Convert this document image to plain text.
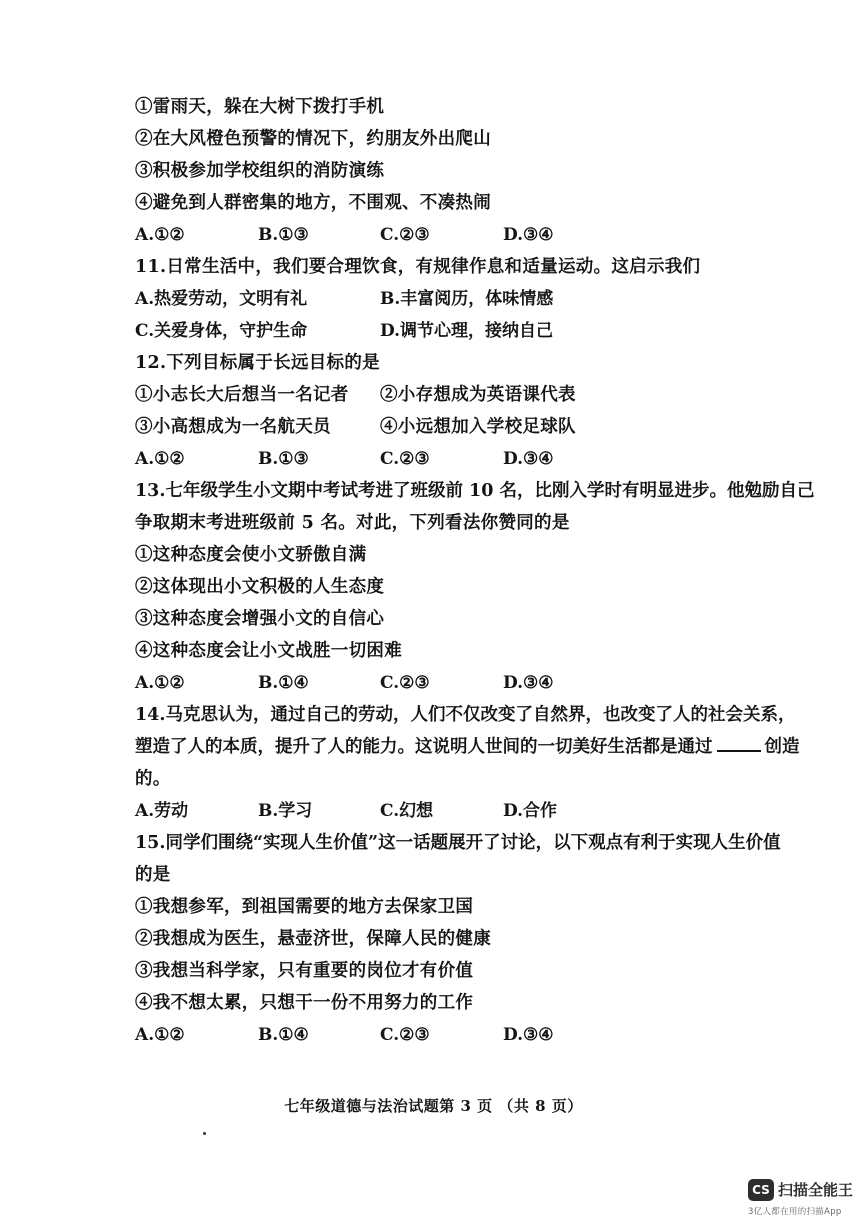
①雷雨天，躲在大树下拨打手机
②在大风橙色预警的情况下，约朋友外出爬山
③积极参加学校组织的消防演练
④避免到人群密集的地方，不围观、不凑热闹
A.①②	B.①③	C.②③	D.③④
11.日常生活中，我们要合理饮食，有规律作息和适量运动。这启示我们
A.热爱劳动，文明有礼	B.丰富阅历，体味情感
C.关爱身体，守护生命	D.调节心理，接纳自己
12.下列目标属于长远目标的是
①小志长大后想当一名记者 ②小存想成为英语课代表
③小高想成为一名航天员	④小远想加入学校足球队
A.①②	B.①③	C.②③	D.③④
13.七年级学生小文期中考试考进了班级前 10 名，比刚入学时有明显进步。他勉励自己
争取期末考进班级前 5 名。对此，下列看法你赞同的是
①这种态度会使小文骄傲自满
②这体现出小文积极的人生态度
③这种态度会增强小文的自信心
④这种态度会让小文战胜一切困难
A.①②	B.①④	C.②③	D.③④
14.马克思认为，通过自己的劳动，人们不仅改变了自然界，也改变了人的社会关系，
塑造了人的本质，提升了人的能力。这说明人世间的一切美好生活都是通过	创造
的。
A.劳动	B.学习	C.幻想	D.合作
15.同学们围绕“实现人生价值”这一话题展开了讨论，以下观点有利于实现人生价值
的是
①我想参军，到祖国需要的地方去保家卫国
②我想成为医生，悬壶济世，保障人民的健康
③我想当科学家，只有重要的岗位才有价值
④我不想太累，只想干一份不用努力的工作
A.①②	B.①④	C.②③	D.③④
七年级道德与法治试题第 3 页 （共 8 页）
CS 扫描全能王
3亿人都在用的扫描App
